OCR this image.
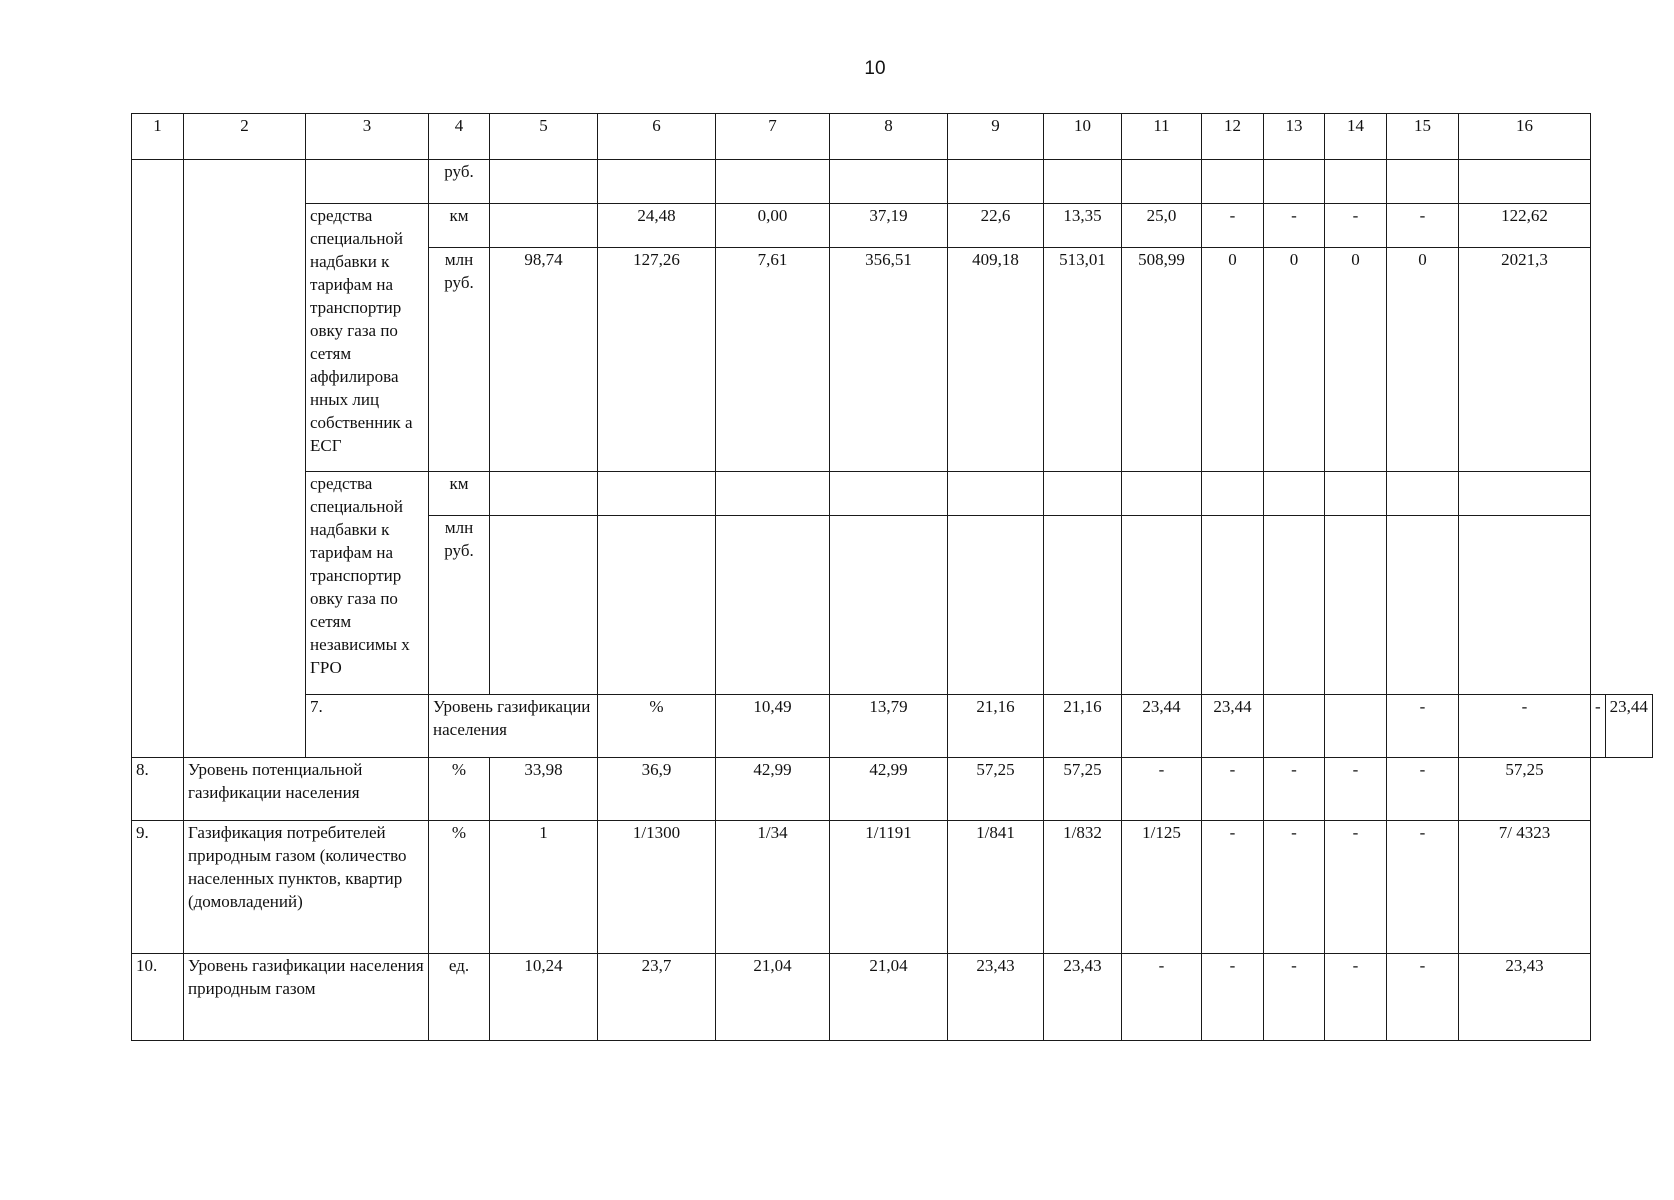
10
1	2	3	4	5	6	7	8	9	10	11	12	13	14	15	16		
			руб.														
		средства специальной надбавки к тарифам на транспортир овку газа по сетям аффилирова нных лиц собственник а ЕСГ	км		24,48	0,00	37,19	22,6	13,35	25,0	-	-	-	-	122,62		
			млн руб.	98,74	127,26	7,61	356,51	409,18	513,01	508,99	0	0	0	0	2021,3		
		средства специальной надбавки к тарифам на транспортир овку газа по сетям независимы х ГРО	км														
			млн руб.														
		7.	Уровень газификации населения		%	10,49	13,79	21,16	21,16	23,44	23,44			-	-	-	23,44
8.	Уровень потенциальной газификации населения		%	33,98	36,9	42,99	42,99	57,25	57,25	-	-	-	-	-	57,25		
9.	Газификация потребителей природным газом (количество населенных пунктов, квартир (домовладений)		%	1	1/1300	1/34	1/1191	1/841	1/832	1/125	-	-	-	-	7/ 4323		
10.	Уровень газификации населения природным газом		ед.	10,24	23,7	21,04	21,04	23,43	23,43	-	-	-	-	-	23,43		
